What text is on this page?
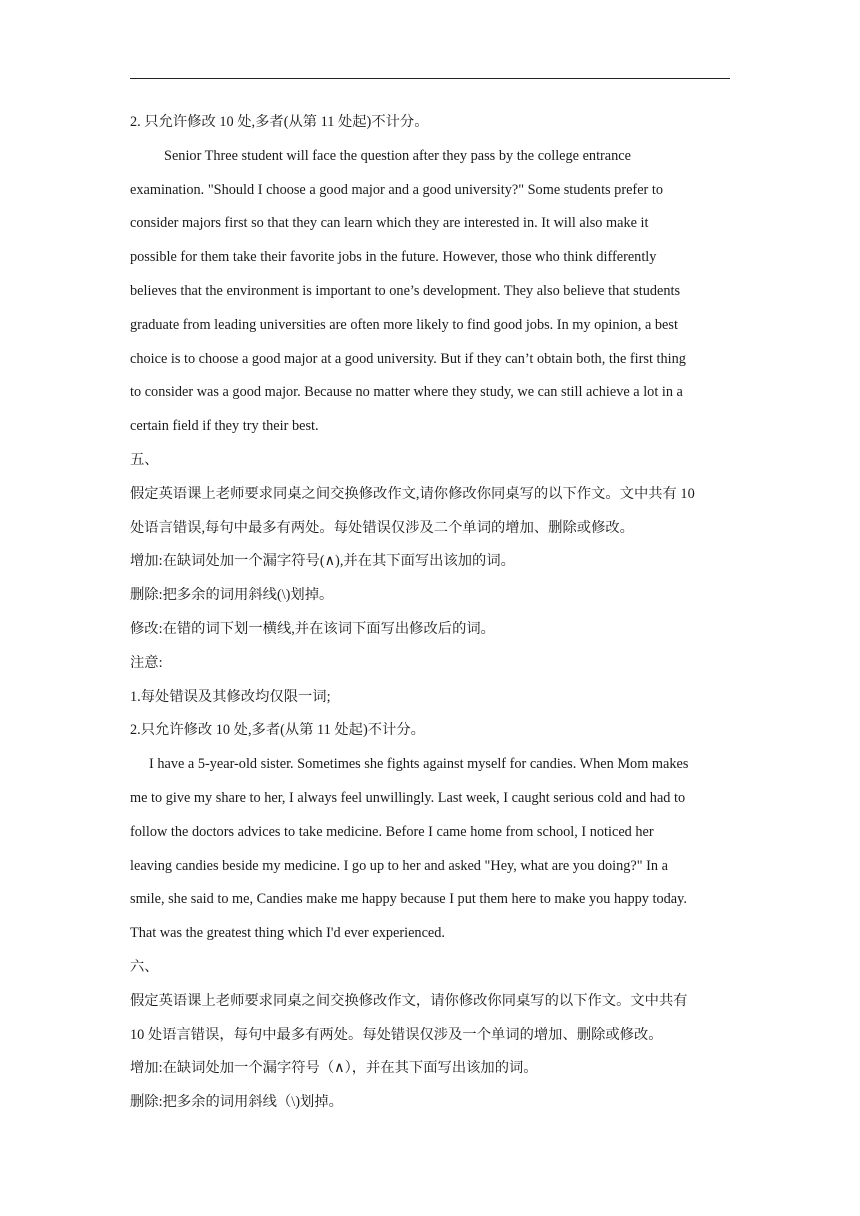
2. 只允许修改 10 处,多者(从第 11 处起)不计分。
Senior Three student will face the question after they pass by the college entrance
examination. "Should I choose a good major and a good university?" Some students prefer to
consider majors first so that they can learn which they are interested in. It will also make it
possible for them take their favorite jobs in the future. However, those who think differently
believes that the environment is important to one’s development. They also believe that students
graduate from leading universities are often more likely to find good jobs. In my opinion, a best
choice is to choose a good major at a good university. But if they can’t obtain both, the first thing
to consider was a good major. Because no matter where they study, we can still achieve a lot in a
certain field if they try their best.
五、
假定英语课上老师要求同桌之间交换修改作文,请你修改你同桌写的以下作文。文中共有 10
处语言错误,每句中最多有两处。每处错误仅涉及二个单词的增加、删除或修改。
增加:在缺词处加一个漏字符号(∧),并在其下面写出该加的词。
删除:把多余的词用斜线(\)划掉。
修改:在错的词下划一横线,并在该词下面写出修改后的词。
注意:
1.每处错误及其修改均仅限一词;
2.只允许修改 10 处,多者(从第 11 处起)不计分。
I have a 5-year-old sister. Sometimes she fights against myself for candies. When Mom makes
me to give my share to her, I always feel unwillingly. Last week, I caught serious cold and had to
follow the doctors advices to take medicine. Before I came home from school, I noticed her
leaving candies beside my medicine. I go up to her and asked "Hey, what are you doing?" In a
smile, she said to me, Candies make me happy because I put them here to make you happy today.
That was the greatest thing which I'd ever experienced.
六、
假定英语课上老师要求同桌之间交换修改作文，请你修改你同桌写的以下作文。文中共有
10 处语言错误，每句中最多有两处。每处错误仅涉及一个单词的增加、删除或修改。
增加:在缺词处加一个漏字符号（∧），并在其下面写出该加的词。
删除:把多余的词用斜线（\)划掉。
